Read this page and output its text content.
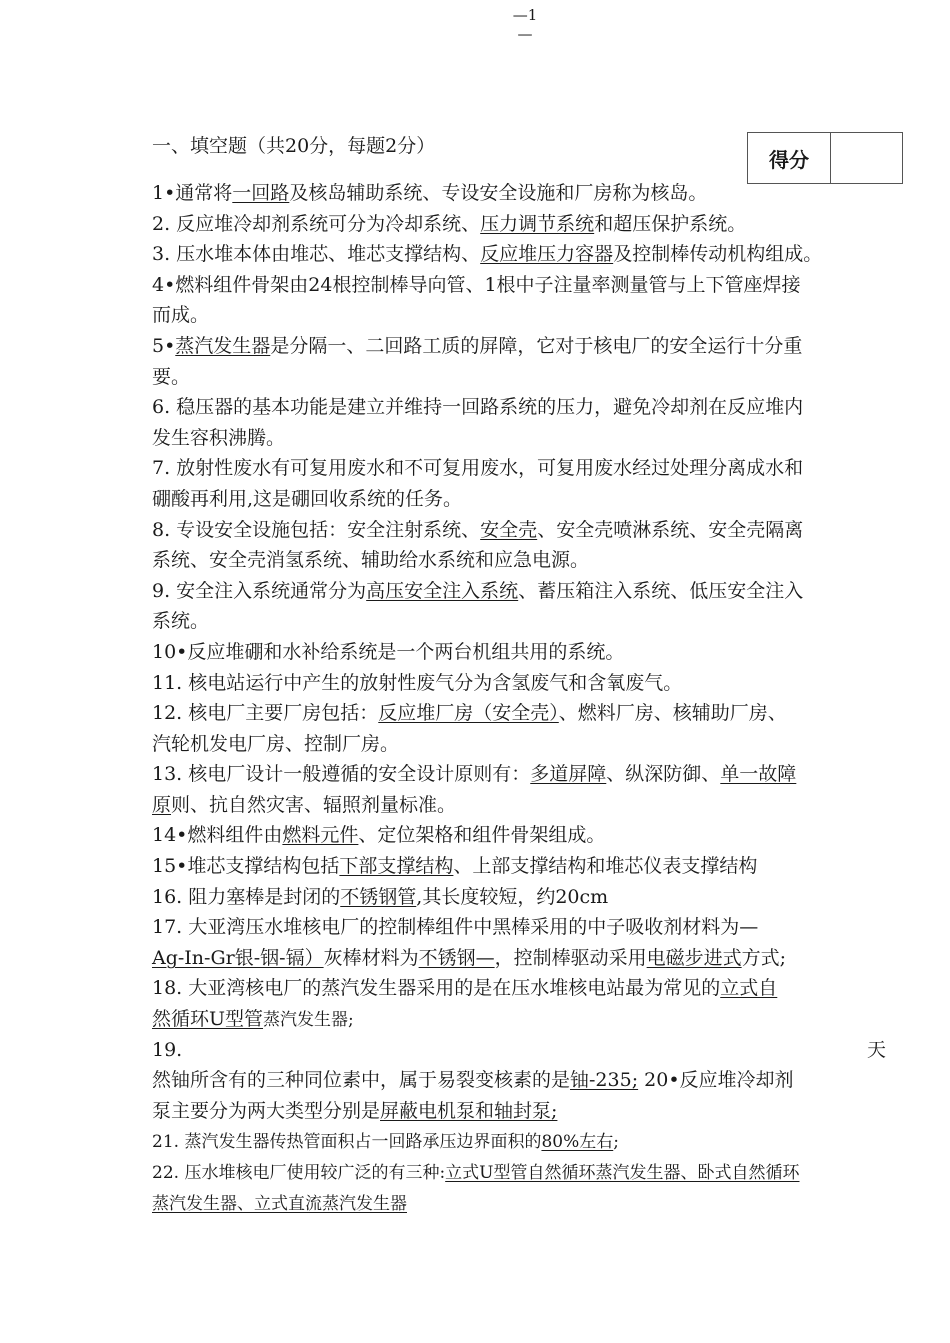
—1
—
一、填空题（共20分，每题2分）
得分
1•通常将一回路及核岛辅助系统、专设安全设施和厂房称为核岛。
2. 反应堆冷却剂系统可分为冷却系统、压力调节系统和超压保护系统。
3. 压水堆本体由堆芯、堆芯支撑结构、反应堆压力容器及控制棒传动机构组成。
4•燃料组件骨架由24根控制棒导向管、1根中子注量率测量管与上下管座焊接
而成。
5•蒸汽发生器是分隔一、二回路工质的屏障，它对于核电厂的安全运行十分重
要。
6. 稳压器的基本功能是建立并维持一回路系统的压力，避免冷却剂在反应堆内
发生容积沸腾。
7. 放射性废水有可复用废水和不可复用废水，可复用废水经过处理分离成水和
硼酸再利用,这是硼回收系统的任务。
8. 专设安全设施包括：安全注射系统、安全壳、安全壳喷淋系统、安全壳隔离
系统、安全壳消氢系统、辅助给水系统和应急电源。
9. 安全注入系统通常分为高压安全注入系统、蓄压箱注入系统、低压安全注入
系统。
10•反应堆硼和水补给系统是一个两台机组共用的系统。
11. 核电站运行中产生的放射性废气分为含氢废气和含氧废气。
12. 核电厂主要厂房包括：反应堆厂房（安全壳）、燃料厂房、核辅助厂房、
汽轮机发电厂房、控制厂房。
13. 核电厂设计一般遵循的安全设计原则有：多道屏障、纵深防御、单一故障
原则、抗自然灾害、辐照剂量标准。
14•燃料组件由燃料元件、定位架格和组件骨架组成。
15•堆芯支撑结构包括下部支撑结构、上部支撑结构和堆芯仪表支撑结构
16. 阻力塞棒是封闭的不锈钢管,其长度较短，约20cm
17. 大亚湾压水堆核电厂的控制棒组件中黑棒采用的中子吸收剂材料为—
Ag-In-Gr银-铟-镉）灰棒材料为不锈钢—，控制棒驱动采用电磁步进式方式;
18. 大亚湾核电厂的蒸汽发生器采用的是在压水堆核电站最为常见的立式自
然循环U型管蒸汽发生器;
19.	天
然铀所含有的三种同位素中，属于易裂变核素的是铀-235; 20•反应堆冷却剂
泵主要分为两大类型分别是屏蔽电机泵和轴封泵;
21. 蒸汽发生器传热管面积占一回路承压边界面积的80%左右;
22. 压水堆核电厂使用较广泛的有三种:立式U型管自然循环蒸汽发生器、卧式自然循环
蒸汽发生器、立式直流蒸汽发生器
